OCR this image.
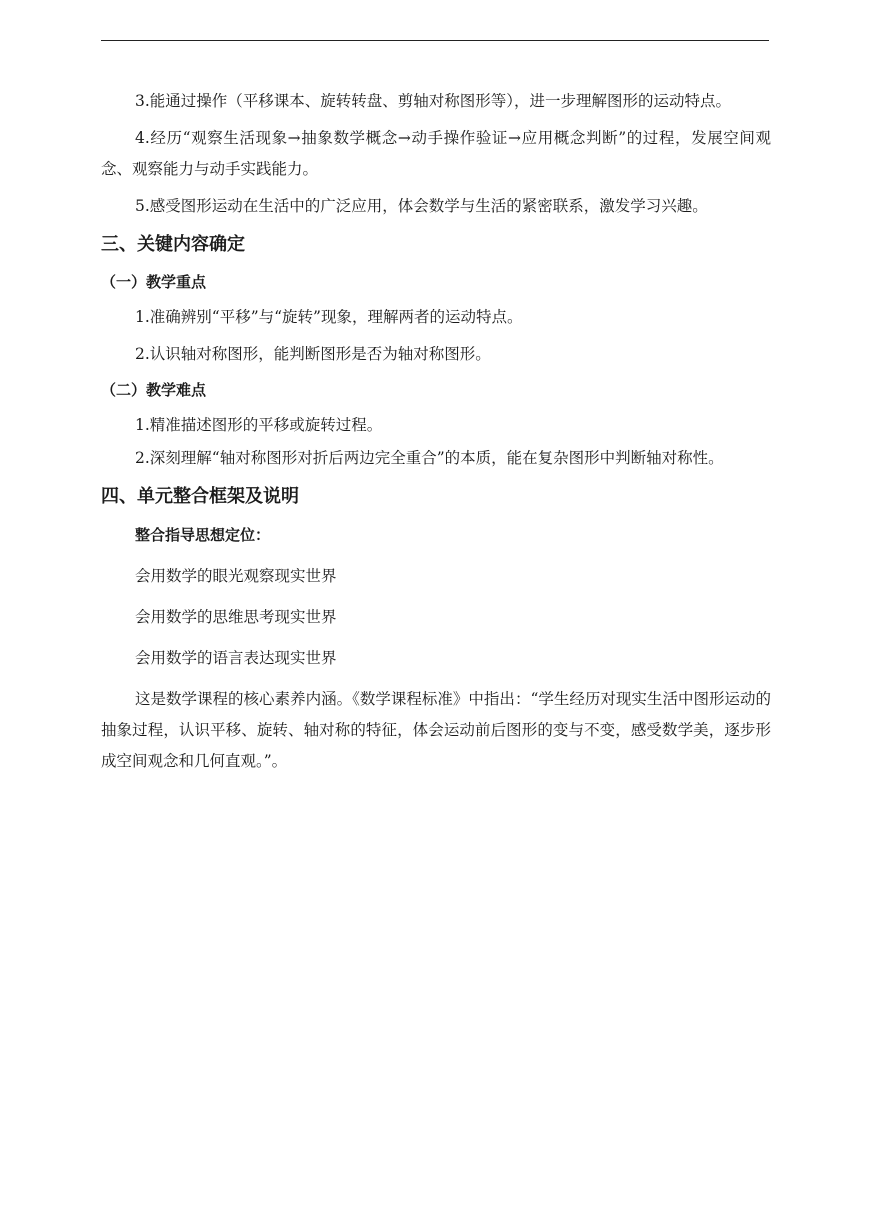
3.能通过操作（平移课本、旋转转盘、剪轴对称图形等），进一步理解图形的运动特点。

4.经历“观察生活现象→抽象数学概念→动手操作验证→应用概念判断”的过程，发展空间观念、观察能力与动手实践能力。

5.感受图形运动在生活中的广泛应用，体会数学与生活的紧密联系，激发学习兴趣。

三、关键内容确定
（一）教学重点

1.准确辨别“平移”与“旋转”现象，理解两者的运动特点。

2.认识轴对称图形，能判断图形是否为轴对称图形。

（二）教学难点

1.精准描述图形的平移或旋转过程。

2.深刻理解“轴对称图形对折后两边完全重合”的本质，能在复杂图形中判断轴对称性。

四、单元整合框架及说明
整合指导思想定位：

会用数学的眼光观察现实世界

会用数学的思维思考现实世界

会用数学的语言表达现实世界

这是数学课程的核心素养内涵。《数学课程标准》中指出：“学生经历对现实生活中图形运动的抽象过程，认识平移、旋转、轴对称的特征，体会运动前后图形的变与不变，感受数学美，逐步形成空间观念和几何直观。”。
